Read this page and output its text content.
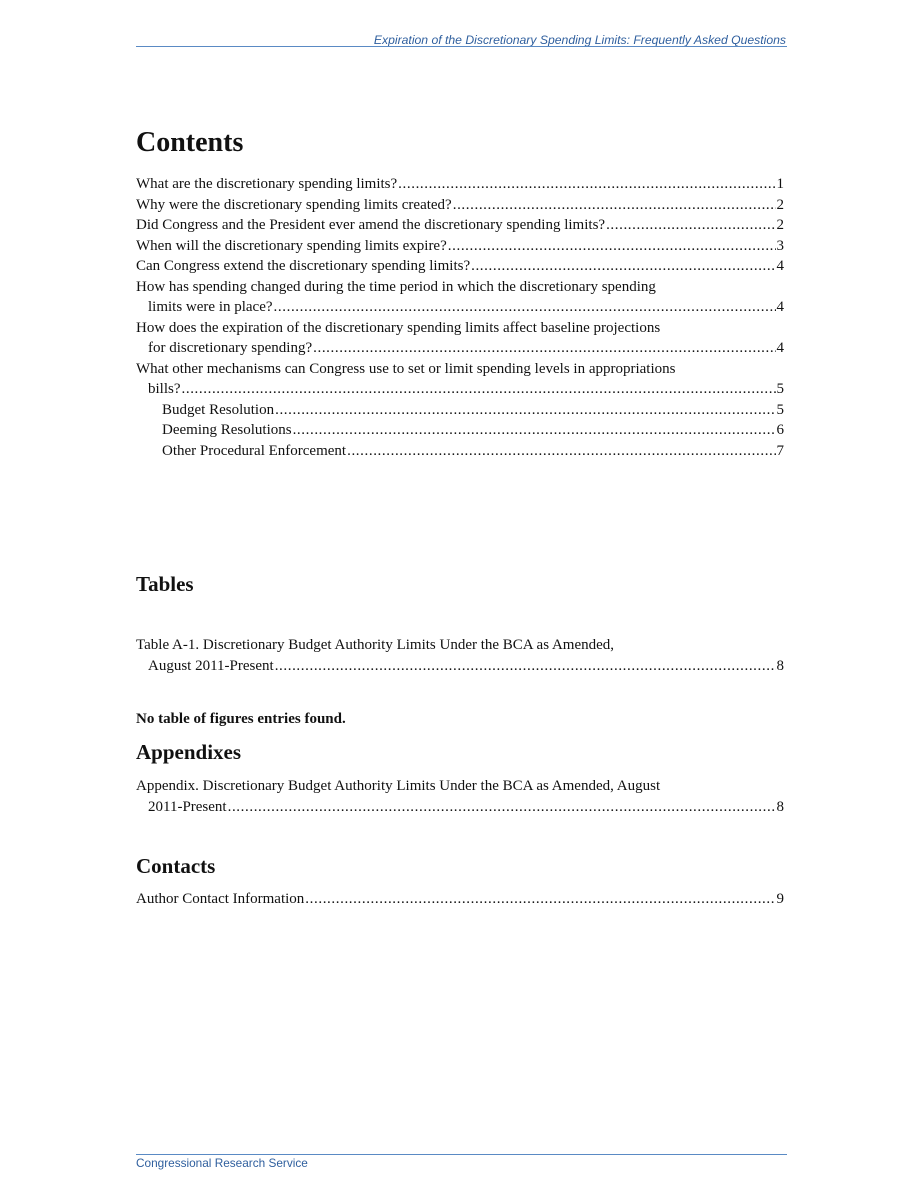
Expiration of the Discretionary Spending Limits: Frequently Asked Questions
Contents
What are the discretionary spending limits? .....	1
Why were the discretionary spending limits created? .....	2
Did Congress and the President ever amend the discretionary spending limits? .....	2
When will the discretionary spending limits expire? .....	3
Can Congress extend the discretionary spending limits? .....	4
How has spending changed during the time period in which the discretionary spending
limits were in place? .....	4
How does the expiration of the discretionary spending limits affect baseline projections
for discretionary spending? .....	4
What other mechanisms can Congress use to set or limit spending levels in appropriations
bills? .....	5
Budget Resolution .....	5
Deeming Resolutions .....	6
Other Procedural Enforcement .....	7
Tables
Table A-1. Discretionary Budget Authority Limits Under the BCA as Amended,
August 2011-Present .....	8
No table of figures entries found.
Appendixes
Appendix. Discretionary Budget Authority Limits Under the BCA as Amended, August
2011-Present .....	8
Contacts
Author Contact Information .....	9
Congressional Research Service
